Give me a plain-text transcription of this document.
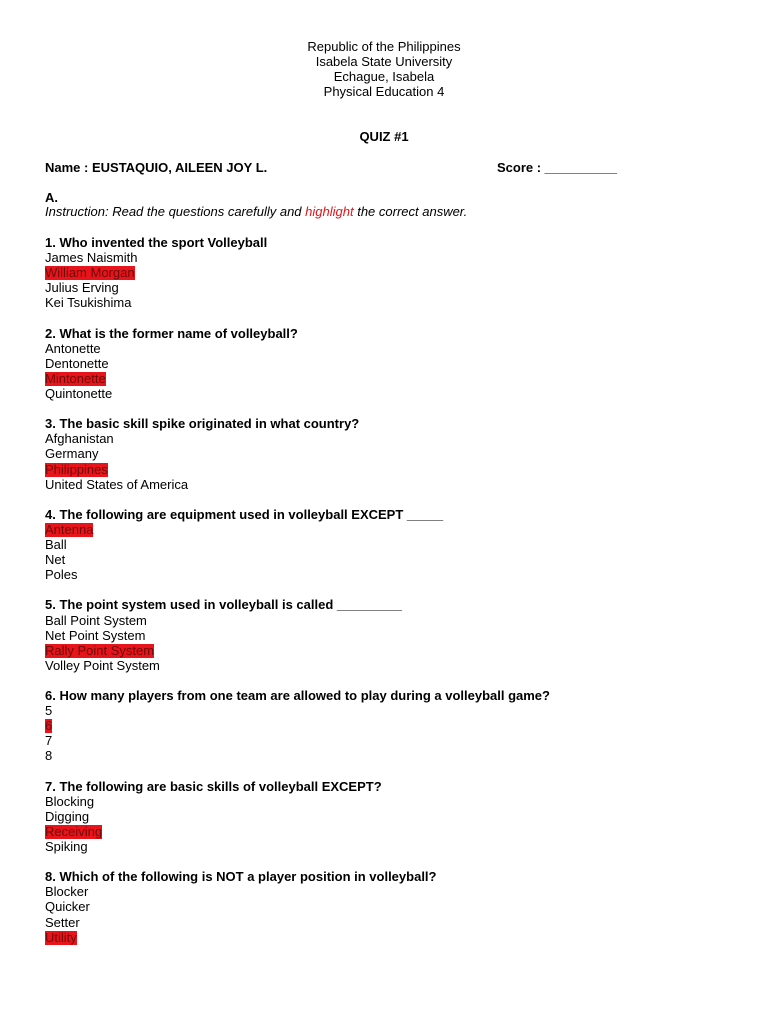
Republic of the Philippines
Isabela State University
Echague, Isabela
Physical Education 4
QUIZ #1
Name : EUSTAQUIO, AILEEN JOY L.	Score : __________
A.
Instruction: Read the questions carefully and highlight the correct answer.
1. Who invented the sport Volleyball
James Naismith
William Morgan
Julius Erving
Kei Tsukishima
2. What is the former name of volleyball?
Antonette
Dentonette
Mintonette
Quintonette
3. The basic skill spike originated in what country?
Afghanistan
Germany
Philippines
United States of America
4. The following are equipment used in volleyball EXCEPT _____
Antenna
Ball
Net
Poles
5. The point system used in volleyball is called _________
Ball Point System
Net Point System
Rally Point System
Volley Point System
6. How many players from one team are allowed to play during a volleyball game?
5
6
7
8
7. The following are basic skills of volleyball EXCEPT?
Blocking
Digging
Receiving
Spiking
8. Which of the following is NOT a player position in volleyball?
Blocker
Quicker
Setter
Utility
